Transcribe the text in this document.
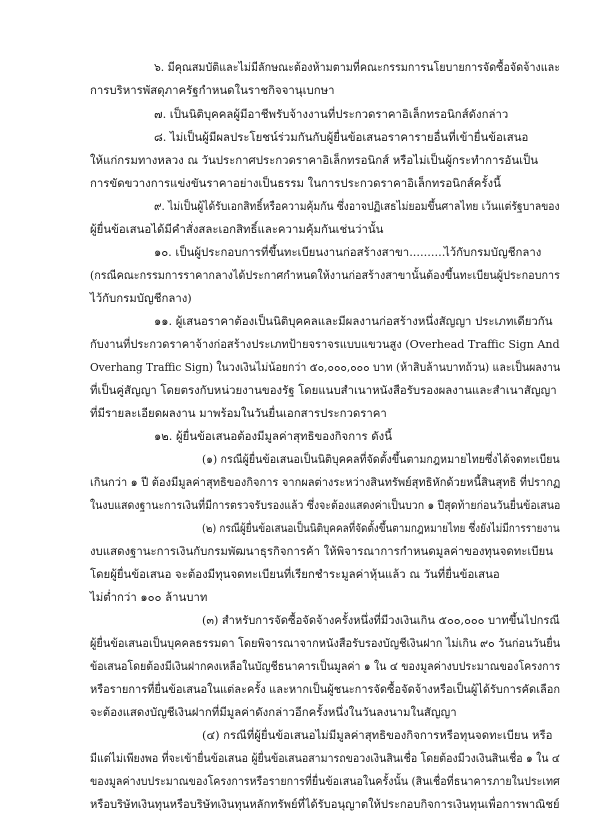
๖. มีคุณสมบัติและไม่มีลักษณะต้องห้ามตามที่คณะกรรมการนโยบายการจัดซื้อจัดจ้างและ
การบริหารพัสดุภาครัฐกำหนดในราชกิจจานุเบกษา
๗. เป็นนิติบุคคลผู้มีอาชีพรับจ้างงานที่ประกวดราคาอิเล็กทรอนิกส์ดังกล่าว
๘. ไม่เป็นผู้มีผลประโยชน์ร่วมกันกับผู้ยื่นข้อเสนอราคารายอื่นที่เข้ายื่นข้อเสนอ
ให้แก่กรมทางหลวง ณ วันประกาศประกวดราคาอิเล็กทรอนิกส์ หรือไม่เป็นผู้กระทำการอันเป็น
การขัดขวางการแข่งขันราคาอย่างเป็นธรรม ในการประกวดราคาอิเล็กทรอนิกส์ครั้งนี้
๙. ไม่เป็นผู้ได้รับเอกสิทธิ์หรือความคุ้มกัน ซึ่งอาจปฏิเสธไม่ยอมขึ้นศาลไทย เว้นแต่รัฐบาลของ
ผู้ยื่นข้อเสนอได้มีคำสั่งสละเอกสิทธิ์และความคุ้มกันเช่นว่านั้น
๑๐. เป็นผู้ประกอบการที่ขึ้นทะเบียนงานก่อสร้างสาขา..........
ไว้กับกรมบัญชีกลาง
(กรณีคณะกรรมการราคากลางได้ประกาศกำหนดให้งานก่อสร้างสาขานั้นต้องขึ้นทะเบียนผู้ประกอบการ
ไว้กับกรมบัญชีกลาง)
๑๑. ผู้เสนอราคาต้องเป็นนิติบุคคลและมีผลงานก่อสร้างหนึ่งสัญญา ประเภทเดียวกัน
กับงานที่ประกวดราคาจ้างก่อสร้างประเภทป้ายจราจรแบบแขวนสูง (Overhead Traffic Sign And
Overhang Traffic Sign) ในวงเงินไม่น้อยกว่า ๕๐,๐๐๐,๐๐๐ บาท (ห้าสิบล้านบาทถ้วน) และเป็นผลงาน
ที่เป็นคู่สัญญา โดยตรงกับหน่วยงานของรัฐ โดยแนบสำเนาหนังสือรับรองผลงานและสำเนาสัญญา
ที่มีรายละเอียดผลงาน มาพร้อมในวันยื่นเอกสารประกวดราคา
๑๒. ผู้ยื่นข้อเสนอต้องมีมูลค่าสุทธิของกิจการ ดังนี้
(๑) กรณีผู้ยื่นข้อเสนอเป็นนิติบุคคลที่จัดตั้งขึ้นตามกฎหมายไทยซึ่งได้จดทะเบียน
เกินกว่า ๑ ปี ต้องมีมูลค่าสุทธิของกิจการ จากผลต่างระหว่างสินทรัพย์สุทธิหักด้วยหนี้สินสุทธิ ที่ปรากฏ
ในงบแสดงฐานะการเงินที่มีการตรวจรับรองแล้ว ซึ่งจะต้องแสดงค่าเป็นบวก ๑ ปีสุดท้ายก่อนวันยื่นข้อเสนอ
(๒) กรณีผู้ยื่นข้อเสนอเป็นนิติบุคคลที่จัดตั้งขึ้นตามกฎหมายไทย ซึ่งยังไม่มีการรายงาน
งบแสดงฐานะการเงินกับกรมพัฒนาธุรกิจการค้า ให้พิจารณาการกำหนดมูลค่าของทุนจดทะเบียน
โดยผู้ยื่นข้อเสนอ จะต้องมีทุนจดทะเบียนที่เรียกชำระมูลค่าหุ้นแล้ว ณ วันที่ยื่นข้อเสนอ
ไม่ต่ำกว่า ๑๐๐ ล้านบาท
(๓) สำหรับการจัดซื้อจัดจ้างครั้งหนึ่งที่มีวงเงินเกิน ๕๐๐,๐๐๐ บาทขึ้นไปกรณี
ผู้ยื่นข้อเสนอเป็นบุคคลธรรมดา โดยพิจารณาจากหนังสือรับรองบัญชีเงินฝาก ไม่เกิน ๙๐ วันก่อนวันยื่น
ข้อเสนอโดยต้องมีเงินฝากคงเหลือในบัญชีธนาคารเป็นมูลค่า ๑ ใน ๔ ของมูลค่างบประมาณของโครงการ
หรือรายการที่ยื่นข้อเสนอในแต่ละครั้ง และหากเป็นผู้ชนะการจัดซื้อจัดจ้างหรือเป็นผู้ได้รับการคัดเลือก
จะต้องแสดงบัญชีเงินฝากที่มีมูลค่าดังกล่าวอีกครั้งหนึ่งในวันลงนามในสัญญา
(๔) กรณีที่ผู้ยื่นข้อเสนอไม่มีมูลค่าสุทธิของกิจการหรือทุนจดทะเบียน หรือ
มีแต่ไม่เพียงพอ ที่จะเข้ายื่นข้อเสนอ ผู้ยื่นข้อเสนอสามารถขอวงเงินสินเชื่อ โดยต้องมีวงเงินสินเชื่อ ๑ ใน ๔
ของมูลค่างบประมาณของโครงการหรือรายการที่ยื่นข้อเสนอในครั้งนั้น (สินเชื่อที่ธนาคารภายในประเทศ
หรือบริษัทเงินทุนหรือบริษัทเงินทุนหลักทรัพย์ที่ได้รับอนุญาตให้ประกอบกิจการเงินทุนเพื่อการพาณิชย์
